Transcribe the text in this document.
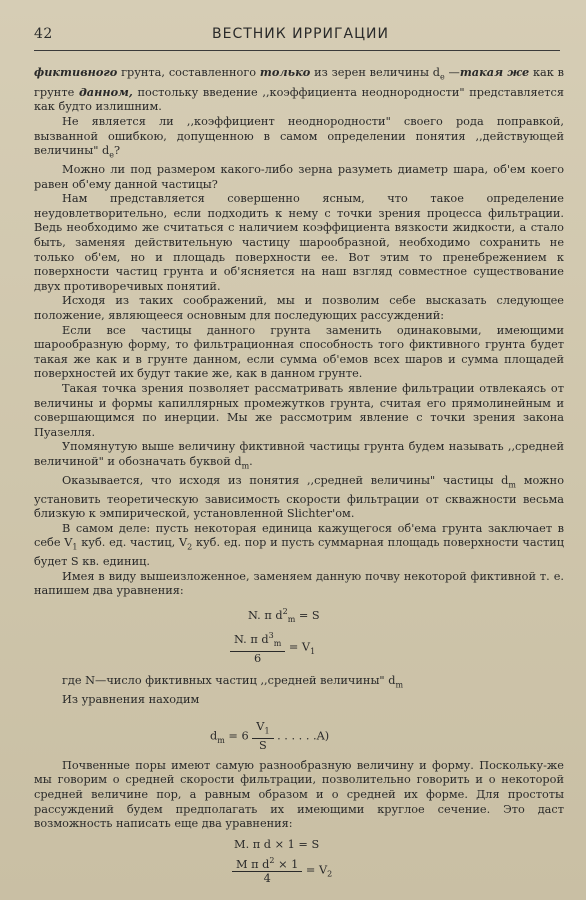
42	ВЕСТНИК ИРРИГАЦИИ

фиктивного грунта, составленного только из зерен величины $d_e$ —такая же как в грунте данном, постольку введение ,,коэффициента неоднородности" представляется как будто излишним.

Не является ли ,,коэффициент неоднородности" своего рода поправкой, вызванной ошибкою, допущенною в самом определении понятия ,,действующей величины" $d_e$?

Можно ли под размером какого-либо зерна разуметь диаметр шара, об'ем коего равен об'ему данной частицы?

Нам представляется совершенно ясным, что такое определение неудовлетворительно, если подходить к нему с точки зрения процесса фильтрации. Ведь необходимо же считаться с наличием коэффициента вязкости жидкости, а стало быть, заменяя действительную частицу шарообразной, необходимо сохранить не только об'ем, но и площадь поверхности ее. Вот этим то пренебрежением к поверхности частиц грунта и об'ясняется на наш взгляд совместное существование двух противоречивых понятий.

Исходя из таких соображений, мы и позволим себе высказать следующее положение, являющееся основным для последующих рассуждений:

Если все частицы данного грунта заменить одинаковыми, имеющими шарообразную форму, то фильтрационная способность того фиктивного грунта будет такая же как и в грунте данном, если сумма об'емов всех шаров и сумма площадей поверхностей их будут такие же, как в данном грунте.

Такая точка зрения позволяет рассматривать явление фильтрации отвлекаясь от величины и формы капиллярных промежутков грунта, считая его прямолинейным и совершающимся по инерции. Мы же рассмотрим явление с точки зрения закона Пуазелля.

Упомянутую выше величину фиктивной частицы грунта будем называть ,,средней величиной" и обозначать буквой $d_m$.

Оказывается, что исходя из понятия ,,средней величины" частицы $d_m$ можно установить теоретическую зависимость скорости фильтрации от скважности весьма близкую к эмпирической, установленной Slichter'ом.

В самом деле: пусть некоторая единица кажущегося об'ема грунта заключает в себе $V_1$ куб. ед. частиц, $V_2$ куб. ед. пор и пусть суммарная площадь поверхности частиц будет S кв. единиц.

Имея в виду вышеизложенное, заменяем данную почву некоторой фиктивной т. е. напишем два уравнения:

N. π $d^2_m = S$
$\frac{N. \pi d^3_m}{6} = V_1$

где N—число фиктивных частиц ,,средней величины" $d_m$

Из уравнения находим

$d_m = 6 \frac{V_1}{S}$ . . . . . .A)

Почвенные поры имеют самую разнообразную величину и форму. Поскольку-же мы говорим о средней скорости фильтрации, позволительно говорить и о некоторой средней величине пор, а равным образом и о средней их форме. Для простоты рассуждений будем предполагать их имеющими круглое сечение. Это даст возможность написать еще два уравнения:

M. π d × 1 = S
$\frac{M \pi d^2 \times 1}{4} = V_2$
